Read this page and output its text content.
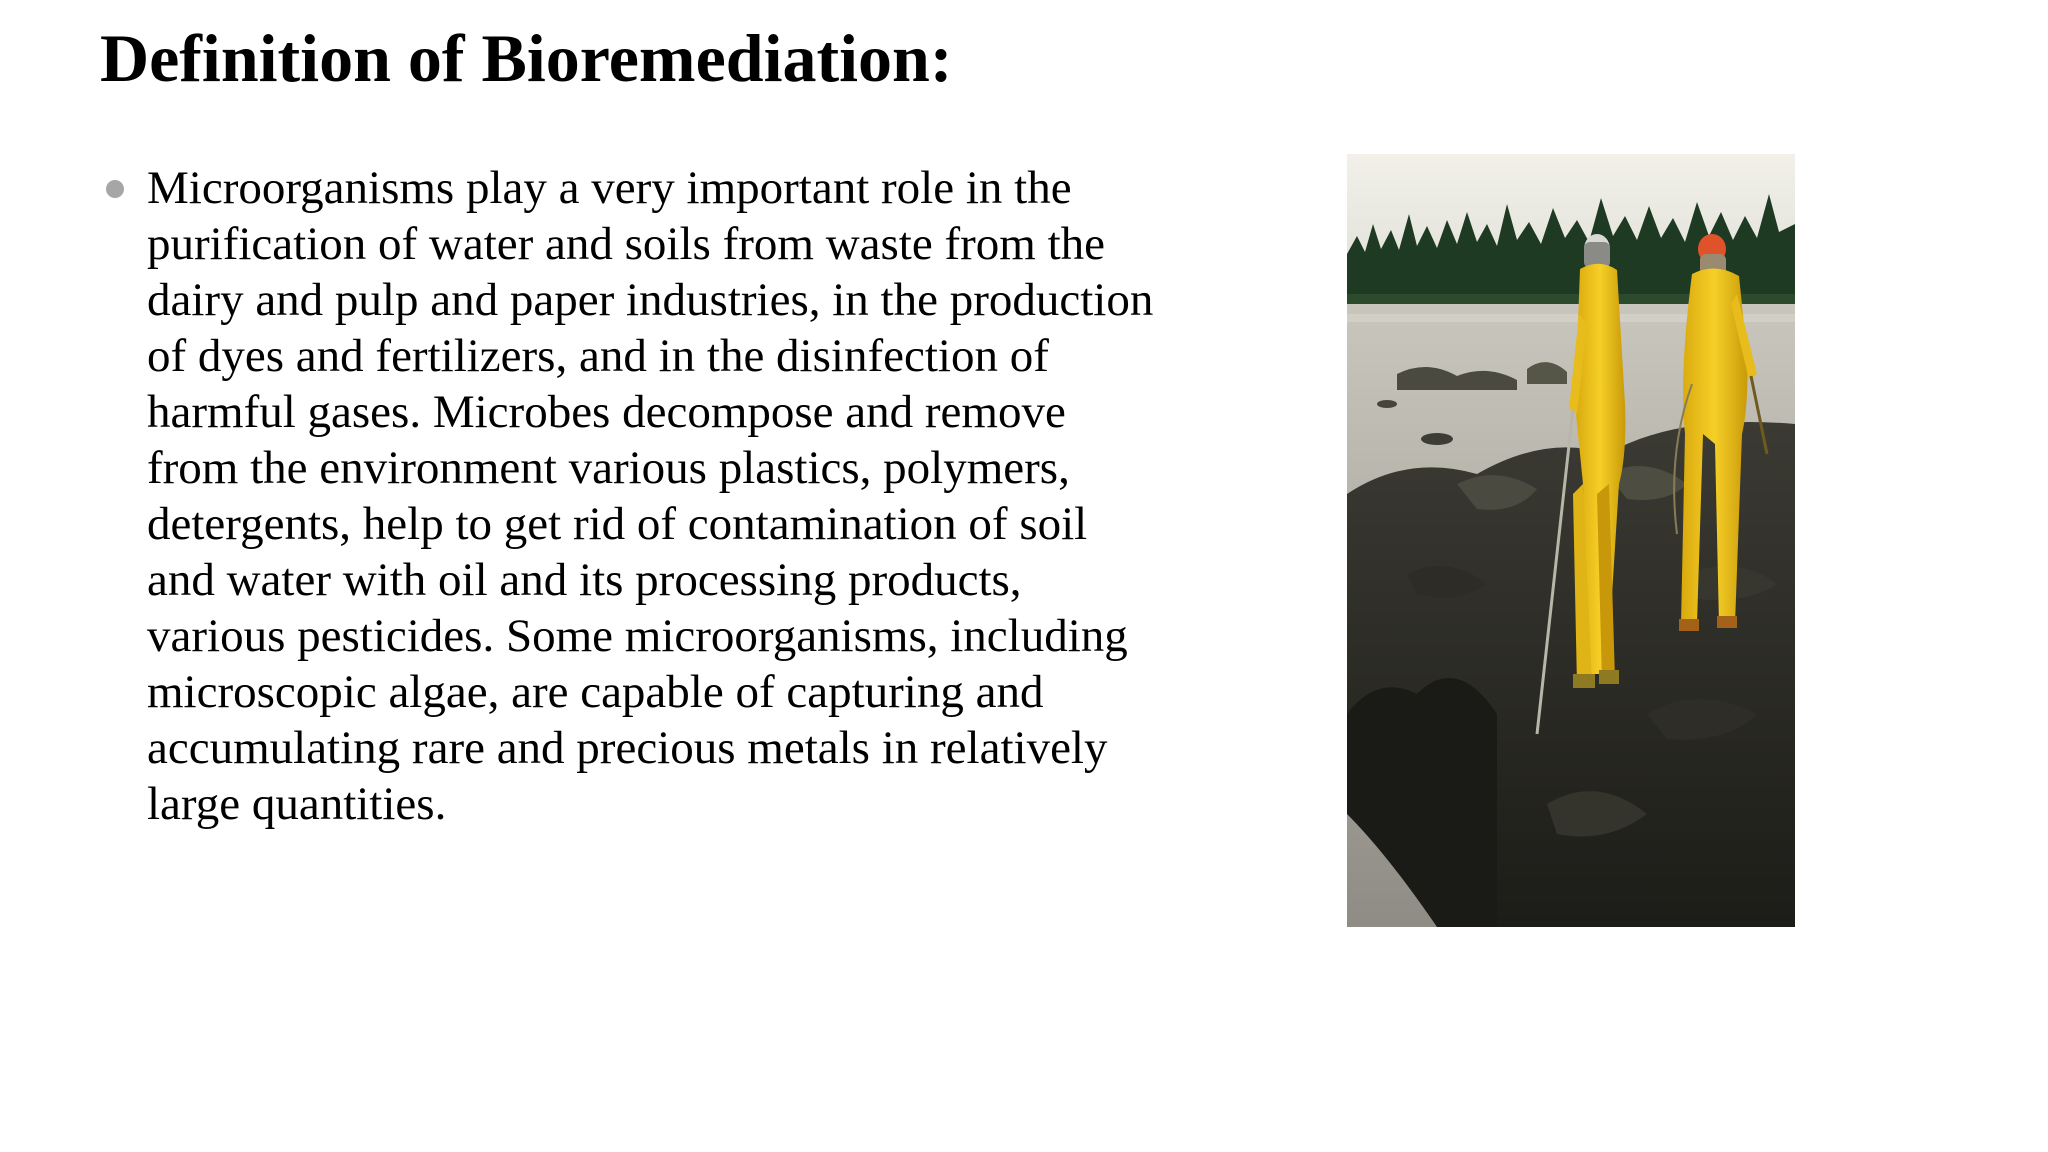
Definition of Bioremediation:
Microorganisms play a very important role in the
purification of water and soils from waste from the
dairy and pulp and paper industries, in the production
of dyes and fertilizers, and in the disinfection of
harmful gases. Microbes decompose and remove
from the environment various plastics, polymers,
detergents, help to get rid of contamination of soil
and water with oil and its processing products,
various pesticides. Some microorganisms, including
microscopic algae, are capable of capturing and
accumulating rare and precious metals in relatively
large quantities.
